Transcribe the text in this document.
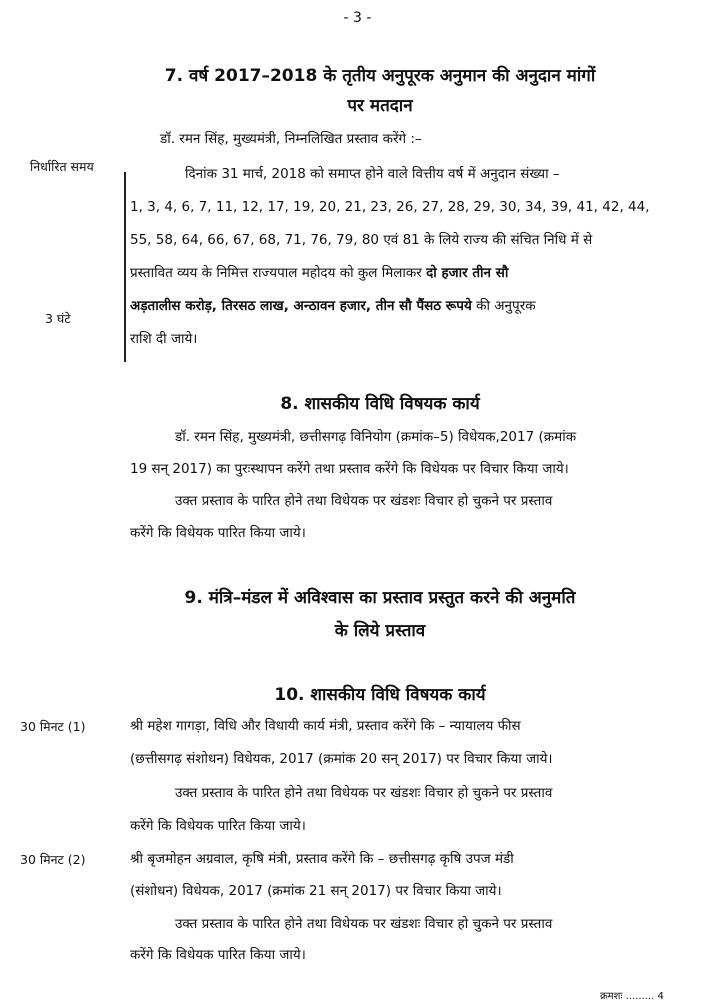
- 3 -
7. वर्ष 2017–2018 के तृतीय अनुपूरक अनुमान की अनुदान मांगों
पर मतदान
डॉ. रमन सिंह, मुख्यमंत्री, निम्नलिखित प्रस्ताव करेंगे :–
निर्धारित समय
3 घंटे
दिनांक 31 मार्च, 2018 को समाप्त होने वाले वित्तीय वर्ष में अनुदान संख्या –
1, 3, 4, 6, 7, 11, 12, 17, 19, 20, 21, 23, 26, 27, 28, 29, 30, 34, 39, 41, 42, 44,
55, 58, 64, 66, 67, 68, 71, 76, 79, 80 एवं 81 के लिये राज्य की संचित निधि में से
प्रस्तावित व्यय के निमित्त राज्यपाल महोदय को कुल मिलाकर दो हजार तीन सौ
अड़तालीस करोड़, तिरसठ लाख, अन्ठावन हजार, तीन सौ पैंसठ रूपये की अनुपूरक
राशि दी जाये।
8. शासकीय विधि विषयक कार्य
डॉ. रमन सिंह, मुख्यमंत्री, छत्तीसगढ़ विनियोग (क्रमांक–5) विधेयक,2017 (क्रमांक
19 सन् 2017) का पुरःस्थापन करेंगे तथा प्रस्ताव करेंगे कि विधेयक पर विचार किया जाये।
उक्त प्रस्ताव के पारित होने तथा विधेयक पर खंडशः विचार हो चुकने पर प्रस्ताव
करेंगे कि विधेयक पारित किया जाये।
9. मंत्रि–मंडल में अविश्वास का प्रस्ताव प्रस्तुत करने की अनुमति
के लिये प्रस्ताव
10. शासकीय विधि विषयक कार्य
30 मिनट (1)	श्री महेश गागड़ा, विधि और विधायी कार्य मंत्री, प्रस्ताव करेंगे कि – न्यायालय फीस
(छत्तीसगढ़ संशोधन) विधेयक, 2017 (क्रमांक 20 सन् 2017) पर विचार किया जाये।
उक्त प्रस्ताव के पारित होने तथा विधेयक पर खंडशः विचार हो चुकने पर प्रस्ताव
करेंगे कि विधेयक पारित किया जाये।
30 मिनट (2)	श्री बृजमोहन अग्रवाल, कृषि मंत्री, प्रस्ताव करेंगे कि – छत्तीसगढ़ कृषि उपज मंडी
(संशोधन) विधेयक, 2017 (क्रमांक 21 सन् 2017) पर विचार किया जाये।
उक्त प्रस्ताव के पारित होने तथा विधेयक पर खंडशः विचार हो चुकने पर प्रस्ताव
करेंगे कि विधेयक पारित किया जाये।
क्रमशः ......... 4
